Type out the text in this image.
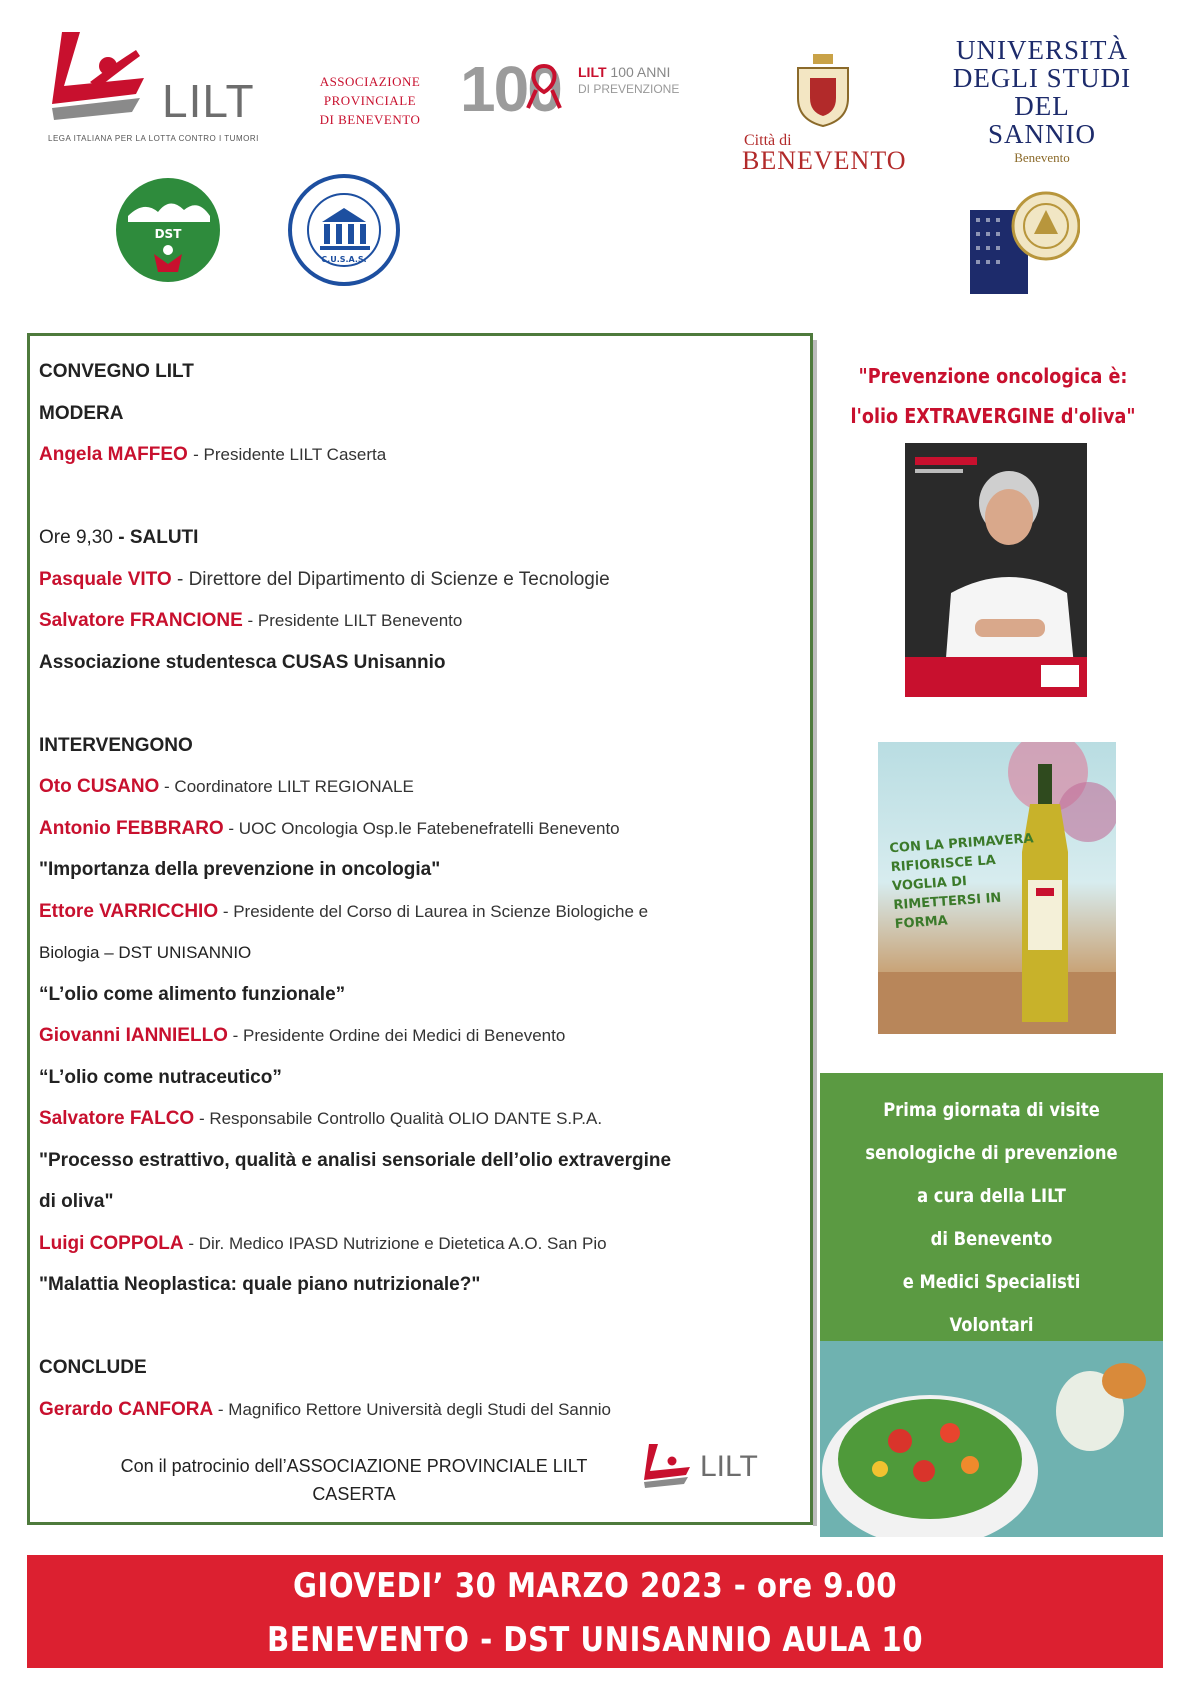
LILT
LEGA ITALIANA PER LA LOTTA CONTRO I TUMORI
ASSOCIAZIONE
PROVINCIALE
DI BENEVENTO 100 LILT 100 ANNI
DI PREVENZIONE
Città di
BENEVENTO
UNIVERSITÀ
DEGLI STUDI
DEL
SANNIO
Benevento
DST
C.U.S.A.S.
CONVEGNO LILT
MODERA
Angela MAFFEO - Presidente LILT Caserta
Ore 9,30 - SALUTI
Pasquale VITO - Direttore del Dipartimento di Scienze e Tecnologie
Salvatore FRANCIONE - Presidente LILT Benevento
Associazione studentesca CUSAS Unisannio
INTERVENGONO
Oto CUSANO - Coordinatore LILT REGIONALE
Antonio FEBBRARO - UOC Oncologia Osp.le Fatebenefratelli Benevento
"Importanza della prevenzione in oncologia"
Ettore VARRICCHIO - Presidente del Corso di Laurea in Scienze Biologiche e
Biologia – DST UNISANNIO
“L’olio come alimento funzionale”
Giovanni IANNIELLO - Presidente Ordine dei Medici di Benevento
“L’olio come nutraceutico”
Salvatore FALCO - Responsabile Controllo Qualità OLIO DANTE S.P.A.
"Processo estrattivo, qualità e analisi sensoriale dell’olio extravergine
di oliva"
Luigi COPPOLA - Dir. Medico IPASD Nutrizione e Dietetica A.O. San Pio
"Malattia Neoplastica: quale piano nutrizionale?"
CONCLUDE
Gerardo CANFORA - Magnifico Rettore Università degli Studi del Sannio
Con il patrocinio dell’ASSOCIAZIONE PROVINCIALE LILT
CASERTA
LILT
"Prevenzione oncologica è:
l'olio EXTRAVERGINE d'oliva"
CON LA PRIMAVERA RIFIORISCE LA VOGLIA DI RIMETTERSI IN FORMA
Prima giornata di visite
senologiche di prevenzione
a cura della LILT
di Benevento
e Medici Specialisti
Volontari
GIOVEDI’ 30 MARZO 2023 - ore 9.00
BENEVENTO - DST UNISANNIO AULA 10
